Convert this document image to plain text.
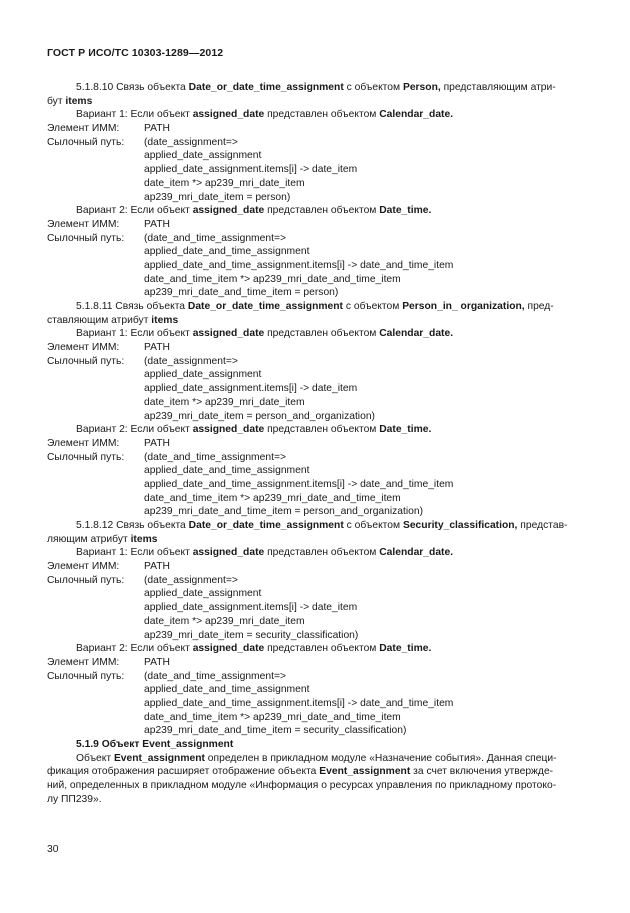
ГОСТ Р ИСО/ТС 10303-1289—2012

5.1.8.10 Связь объекта Date_or_date_time_assignment с объектом Person, представляющим атри-

бут items

Вариант 1: Если объект assigned_date представлен объектом Calendar_date.

Элемент ИММ:	PATH

Сылочный путь:	(date_assignment=>

applied_date_assignment

applied_date_assignment.items[i] -> date_item

date_item *> ap239_mri_date_item

ap239_mri_date_item = person)

Вариант 2: Если объект assigned_date представлен объектом Date_time.

Элемент ИММ:	PATH

Сылочный путь:	(date_and_time_assignment=>

applied_date_and_time_assignment

applied_date_and_time_assignment.items[i] -> date_and_time_item

date_and_time_item *> ap239_mri_date_and_time_item

ap239_mri_date_and_time_item = person)

5.1.8.11 Связь объекта Date_or_date_time_assignment с объектом Person_in_ organization, пред-

ставляющим атрибут items

Вариант 1: Если объект assigned_date представлен объектом Calendar_date.

Элемент ИММ:	PATH

Сылочный путь:	(date_assignment=>

applied_date_assignment

applied_date_assignment.items[i] -> date_item

date_item *> ap239_mri_date_item

ap239_mri_date_item = person_and_organization)

Вариант 2: Если объект assigned_date представлен объектом Date_time.

Элемент ИММ:	PATH

Сылочный путь:	(date_and_time_assignment=>

applied_date_and_time_assignment

applied_date_and_time_assignment.items[i] -> date_and_time_item

date_and_time_item *> ap239_mri_date_and_time_item

ap239_mri_date_and_time_item = person_and_organization)

5.1.8.12 Связь объекта Date_or_date_time_assignment с объектом Security_classification, представ-

ляющим атрибут items

Вариант 1: Если объект assigned_date представлен объектом Calendar_date.

Элемент ИММ:	PATH

Сылочный путь:	(date_assignment=>

applied_date_assignment

applied_date_assignment.items[i] -> date_item

date_item *> ap239_mri_date_item

ap239_mri_date_item = security_classification)

Вариант 2: Если объект assigned_date представлен объектом Date_time.

Элемент ИММ:	PATH

Сылочный путь:	(date_and_time_assignment=>

applied_date_and_time_assignment

applied_date_and_time_assignment.items[i] -> date_and_time_item

date_and_time_item *> ap239_mri_date_and_time_item

ap239_mri_date_and_time_item = security_classification)

5.1.9 Объект Event_assignment

Объект Event_assignment определен в прикладном модуле «Назначение события». Данная специ-

фикация отображения расширяет отображение объекта Event_assignment за счет включения утвержде-

ний, определенных в прикладном модуле «Информация о ресурсах управления по прикладному протоко-

лу ПП239».

30
